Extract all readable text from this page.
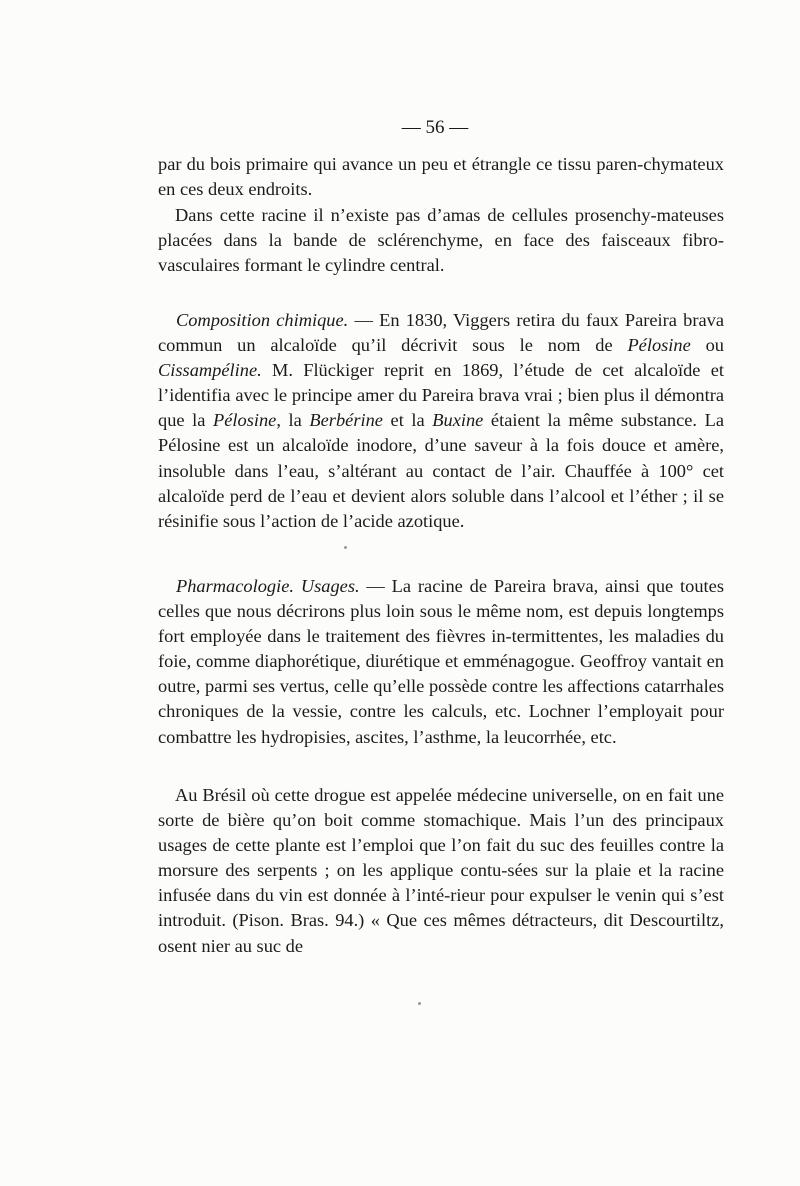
— 56 —

par du bois primaire qui avance un peu et étrangle ce tissu paren-chymateux en ces deux endroits.

Dans cette racine il n’existe pas d’amas de cellules prosenchy-mateuses placées dans la bande de sclérenchyme, en face des faisceaux fibro-vasculaires formant le cylindre central.

Composition chimique. — En 1830, Viggers retira du faux Pareira brava commun un alcaloïde qu’il décrivit sous le nom de Pélosine ou Cissampéline. M. Flückiger reprit en 1869, l’étude de cet alcaloïde et l’identifia avec le principe amer du Pareira brava vrai ; bien plus il démontra que la Pélosine, la Berbérine et la Buxine étaient la même substance. La Pélosine est un alcaloïde inodore, d’une saveur à la fois douce et amère, insoluble dans l’eau, s’altérant au contact de l’air. Chauffée à 100° cet alcaloïde perd de l’eau et devient alors soluble dans l’alcool et l’éther ; il se résinifie sous l’action de l’acide azotique.

Pharmacologie. Usages. — La racine de Pareira brava, ainsi que toutes celles que nous décrirons plus loin sous le même nom, est depuis longtemps fort employée dans le traitement des fièvres in-termittentes, les maladies du foie, comme diaphorétique, diurétique et emménagogue. Geoffroy vantait en outre, parmi ses vertus, celle qu’elle possède contre les affections catarrhales chroniques de la vessie, contre les calculs, etc. Lochner l’employait pour combattre les hydropisies, ascites, l’asthme, la leucorrhée, etc.

Au Brésil où cette drogue est appelée médecine universelle, on en fait une sorte de bière qu’on boit comme stomachique. Mais l’un des principaux usages de cette plante est l’emploi que l’on fait du suc des feuilles contre la morsure des serpents ; on les applique contu-sées sur la plaie et la racine infusée dans du vin est donnée à l’inté-rieur pour expulser le venin qui s’est introduit. (Pison. Bras. 94.) « Que ces mêmes détracteurs, dit Descourtiltz, osent nier au suc de
